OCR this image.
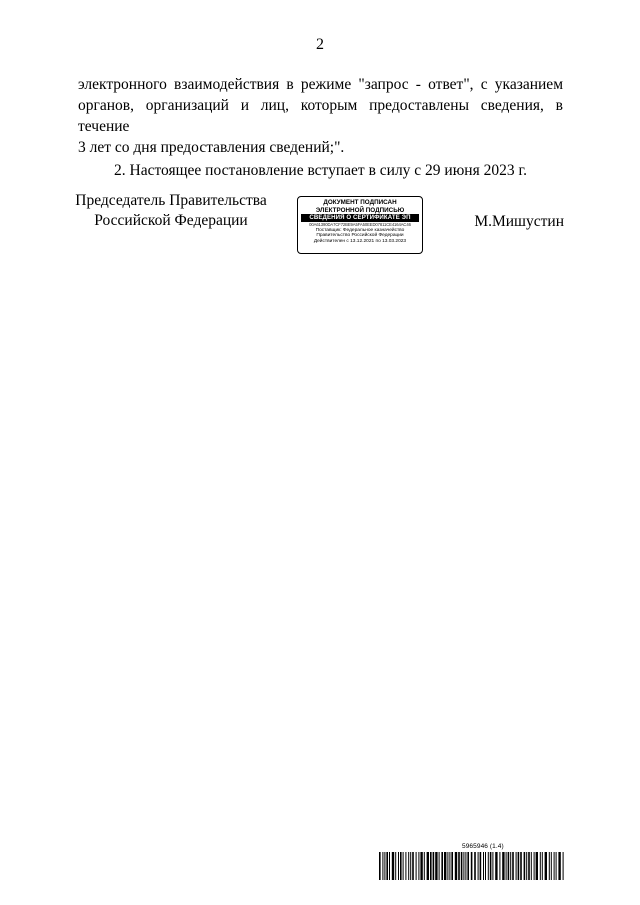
2

электронного взаимодействия в режиме "запрос - ответ", с указанием
органов, организаций и лиц, которым предоставлены сведения, в течение
3 лет со дня предоставления сведений;".

2. Настоящее постановление вступает в силу с 29 июня 2023 г.

Председатель Правительства
Российской Федерации
ДОКУМЕНТ ПОДПИСАН
ЭЛЕКТРОННОЙ ПОДПИСЬЮ
СВЕДЕНИЯ О СЕРТИФИКАТЕ ЭП
00A61390DA7CF72BE9A5FA50EED07811CE4164AC46
Поставщик: Федеральное казначейство
Правительство Российской Федерации
Действителен с 13.12.2021 по 13.03.2023
М.Мишустин
5965946 (1.4)
